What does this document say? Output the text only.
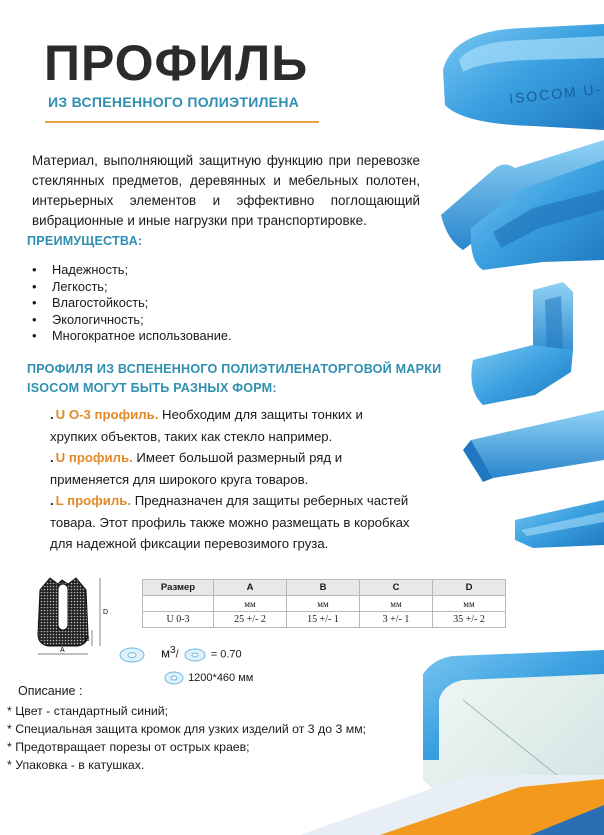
ISOCOM U-
ПРОФИЛЬ
ИЗ ВСПЕНЕННОГО ПОЛИЭТИЛЕНА
Материал, выполняющий защитную функцию при перевозке стеклянных предметов, деревянных и мебельных полотен, интерьерных элементов и эффективно поглощающий вибрационные и иные нагрузки при транспортировке.
ПРЕИМУЩЕСТВА:
• Надежность;
• Легкость;
• Влагостойкость;
• Экологичность;
• Многократное использование.
ПРОФИЛЯ ИЗ ВСПЕНЕННОГО ПОЛИЭТИЛЕНАТОРГОВОЙ МАРКИ
ISOCOM МОГУТ БЫТЬ РАЗНЫХ ФОРМ:
. U O-3 профиль. Необходим для защиты тонких и хрупких объектов, таких как стекло например.
. U профиль. Имеет большой размерный ряд и применяется для широкого круга товаров.
. L профиль. Предназначен для защиты реберных частей товара. Этот профиль также можно размещать в коробках для надежной фиксации перевозимого груза.
D
B
A
Размер	A	B	C	D
	мм	мм	мм	мм
U 0-3	25 +/- 2	15 +/- 1	3 +/- 1	35 +/- 2
$м^3/$	= 0.70
1200*460 мм
Описание :
* Цвет - стандартный синий;
* Специальная защита кромок для узких изделий от 3 до 3 мм;
* Предотвращает порезы от острых краев;
* Упаковка - в катушках.
